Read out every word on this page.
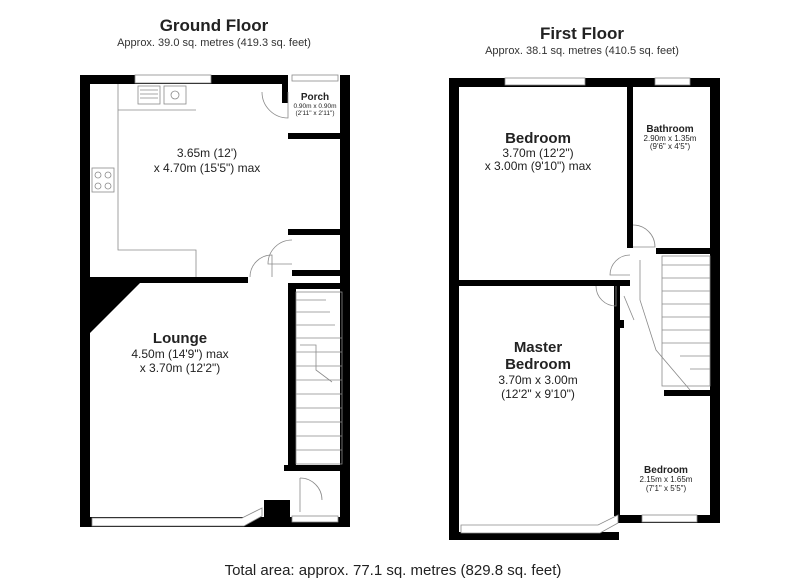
Ground Floor
Approx. 39.0 sq. metres (419.3 sq. feet)
3.65m (12')
x 4.70m (15'5") max
Porch
0.90m x 0.90m
(2'11" x 2'11")
Lounge
4.50m (14'9") max
x 3.70m (12'2")
First Floor
Approx. 38.1 sq. metres (410.5 sq. feet)
Bedroom
3.70m (12'2")
x 3.00m (9'10") max
Bathroom
2.90m x 1.35m
(9'6" x 4'5")
Master
Bedroom
3.70m x 3.00m
(12'2" x 9'10")
Bedroom
2.15m x 1.65m
(7'1" x 5'5")
Total area: approx. 77.1 sq. metres (829.8 sq. feet)
